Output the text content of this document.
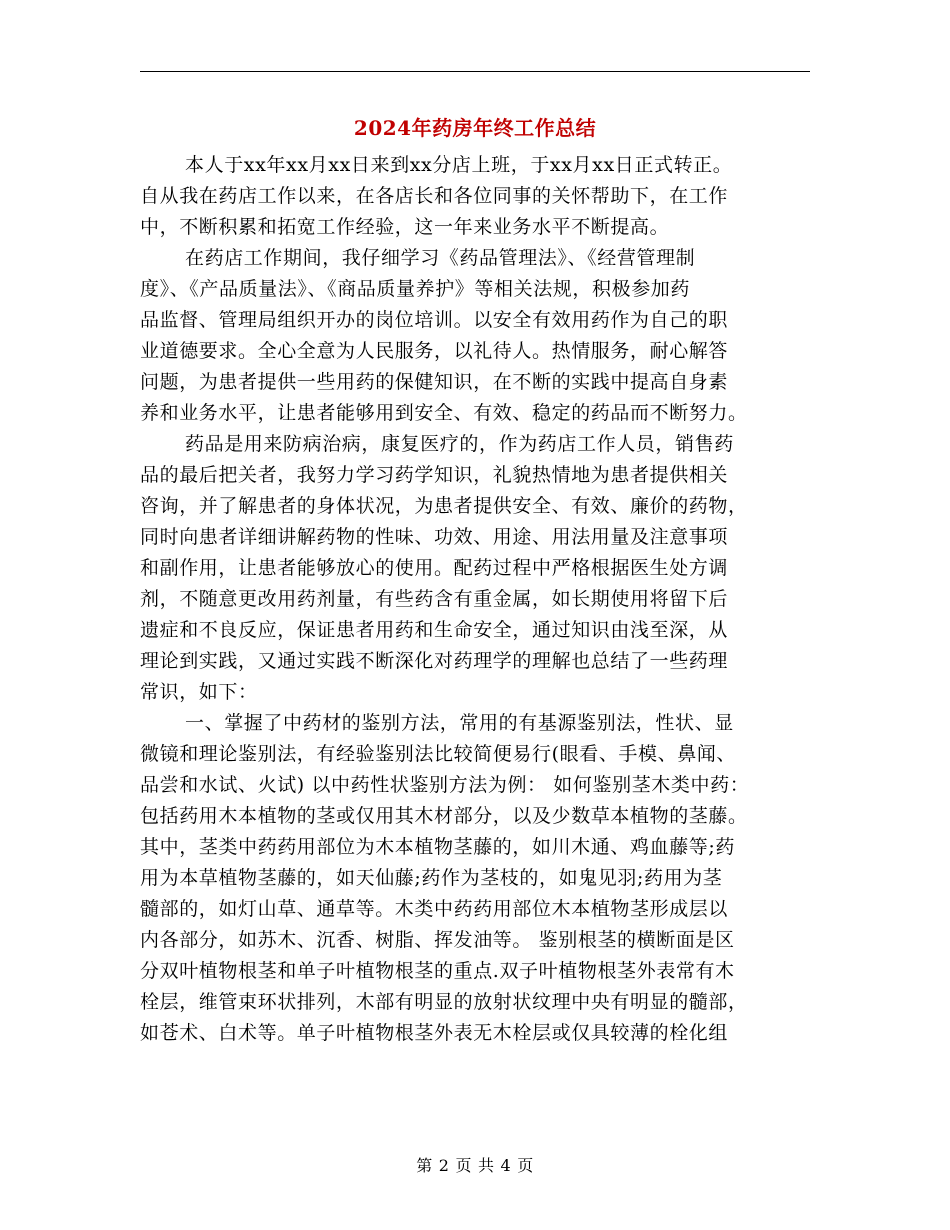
2024年药房年终工作总结
本人于xx年xx月xx日来到xx分店上班，于xx月xx日正式转正。
自从我在药店工作以来，在各店长和各位同事的关怀帮助下，在工作
中，不断积累和拓宽工作经验，这一年来业务水平不断提高。
在药店工作期间，我仔细学习《药品管理法》、《经营管理制
度》、《产品质量法》、《商品质量养护》等相关法规，积极参加药
品监督、管理局组织开办的岗位培训。以安全有效用药作为自己的职
业道德要求。全心全意为人民服务，以礼待人。热情服务，耐心解答
问题，为患者提供一些用药的保健知识，在不断的实践中提高自身素
养和业务水平，让患者能够用到安全、有效、稳定的药品而不断努力。
药品是用来防病治病，康复医疗的，作为药店工作人员，销售药
品的最后把关者，我努力学习药学知识，礼貌热情地为患者提供相关
咨询，并了解患者的身体状况，为患者提供安全、有效、廉价的药物，
同时向患者详细讲解药物的性味、功效、用途、用法用量及注意事项
和副作用，让患者能够放心的使用。配药过程中严格根据医生处方调
剂，不随意更改用药剂量，有些药含有重金属，如长期使用将留下后
遗症和不良反应，保证患者用药和生命安全，通过知识由浅至深，从
理论到实践，又通过实践不断深化对药理学的理解也总结了一些药理
常识，如下：
一、掌握了中药材的鉴别方法，常用的有基源鉴别法，性状、显
微镜和理论鉴别法，有经验鉴别法比较简便易行(眼看、手模、鼻闻、
品尝和水试、火试) 以中药性状鉴别方法为例： 如何鉴别茎木类中药：
包括药用木本植物的茎或仅用其木材部分，以及少数草本植物的茎藤。
其中，茎类中药药用部位为木本植物茎藤的，如川木通、鸡血藤等;药
用为本草植物茎藤的，如天仙藤;药作为茎枝的，如鬼见羽;药用为茎
髓部的，如灯山草、通草等。木类中药药用部位木本植物茎形成层以
内各部分，如苏木、沉香、树脂、挥发油等。 鉴别根茎的横断面是区
分双叶植物根茎和单子叶植物根茎的重点.双子叶植物根茎外表常有木
栓层，维管束环状排列，木部有明显的放射状纹理中央有明显的髓部，
如苍术、白术等。单子叶植物根茎外表无木栓层或仅具较薄的栓化组
第 2 页 共 4 页
